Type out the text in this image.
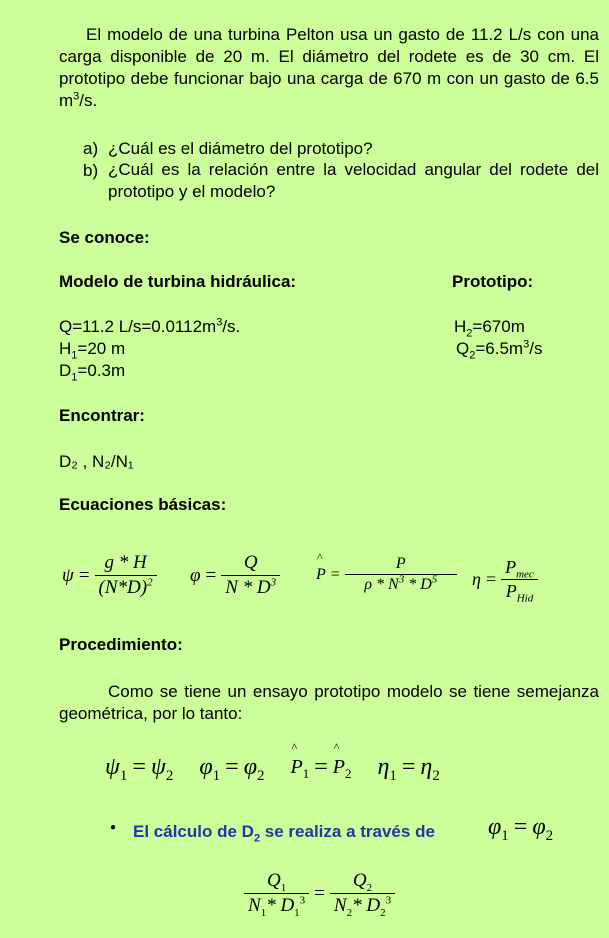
El modelo de una turbina Pelton usa un gasto de 11.2 L/s con una carga disponible de 20 m. El diámetro del rodete es de 30 cm. El prototipo debe funcionar bajo una carga de 670 m con un gasto de 6.5 $m^3/s$.
a) ¿Cuál es el diámetro del prototipo?
b) ¿Cuál es la relación entre la velocidad angular del rodete del prototipo y el modelo?
Se conoce:
Modelo de turbina hidráulica:	Prototipo:
Q=11.2 $L/s=0.0112m^3/s$.
$H_1=20$ m
$D_1=0.3m$
$H_2=670m$
$Q_2=6.5m^3/s$
Encontrar:
D₂ , N₂/N₁
Ecuaciones básicas:
$\psi = \frac{g * H}{(N*D)^2}$ $\varphi = \frac{Q}{N * D^3}$ ^ $P = \frac{P}{\rho * N^3 * D^5}$ $\eta = \frac{P_{mec}}{P_{Hid}}$
Procedimiento:
Como se tiene un ensayo prototipo modelo se tiene semejanza geométrica, por lo tanto:
$\psi_1 = \psi_2$ $\varphi_1 = \varphi_2$ ^ $P_1$ = ^ $P_2$ $\eta_1 = \eta_2$
● El cálculo de $D_2$ se realiza a través de $\varphi_1 = \varphi_2$
$\frac{Q_1}{N_1* D_1^3} = \frac{Q_2}{N_2* D_2^3}$
